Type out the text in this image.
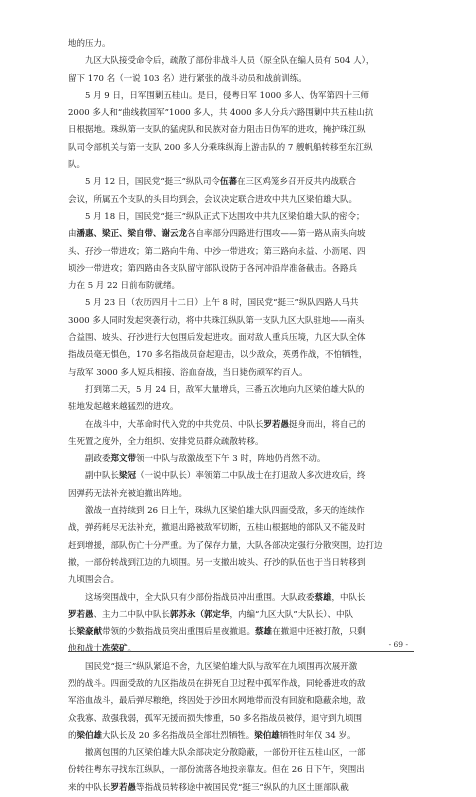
地的压力。
九区大队接受命令后，疏散了部份非战斗人员（原全队在编人员有 504 人），
留下 170 名（一说 103 名）进行紧张的战斗动员和战前训练。
5 月 9 日，日军围剿五桂山。是日，侵粤日军 1000 多人、伪军第四十三师
2000 多人和“曲线救国军”1000 多人，共 4000 多人分兵六路围剿中共五桂山抗
日根据地。珠纵第一支队的猛虎队和民族对奋力阻击日伪军的进攻，掩护珠江纵
队司令部机关与第一支队 200 多人分乘珠纵海上游击队的 7 艘帆船转移至东江纵
队。
5 月 12 日，国民党“挺三”纵队司令伍蕃在三区鸡笼乡召开反共内战联合
会议，所属五个支队的头目均到会，会议决定联合进攻中共九区梁伯雄大队。
5 月 18 日，国民党“挺三”纵队正式下达围攻中共九区梁伯雄大队的密令；
由潘惠、梁正、梁自带、谢云龙各自率部分四路进行围攻——第一路从南头向坡
头、孖沙一带进攻；第二路向牛角、中沙一带进攻；第三路向永益、小沥尾、四
顷沙一带进攻；第四路由各支队留守部队设防于各河冲沿岸准备截击。各路兵
力在 5 月 22 日前布防就绪。
5 月 23 日（农历四月十二日）上午 8 时，国民党“挺三”纵队四路人马共
3000 多人同时发起突袭行动，将中共珠江纵队第一支队九区大队驻地——南头
合益围、坡头、孖沙进行大包围后发起进攻。面对敌人重兵压境，九区大队全体
指战员毫无惧色，170 多名指战员奋起迎击，以少敌众，英勇作战，不怕牺牲，
与敌军 3000 多人短兵相接、浴血奋战，当日毙伤顽军约百人。
打到第二天，5 月 24 日，敌军大量增兵，三番五次地向九区梁伯雄大队的
驻地发起越来越猛烈的进攻。
在战斗中，大革命时代入党的中共党员、中队长罗若愚挺身而出，将自己的
生死置之度外，全力组织、安排党员群众疏散转移。
副政委郑文带领一中队与敌激战至下午 3 时，阵地仍肖然不动。
副中队长梁冠（一说中队长）率领第二中队战士在打退敌人多次进攻后，终
因弹药无法补充被迫撤出阵地。
激战一直持续到 26 日上午，珠纵九区梁伯雄大队四面受敌，多天的连续作
战，弹药耗尽无法补充，撤退出路被敌军切断，五桂山根据地的部队又不能及时
赶到增援，部队伤亡十分严重。为了保存力量，大队各部决定强行分散突围，边打边
撤，一部份转战到江边的九顷围。另一支撤出坡头、孖沙的队伍也于当日转移到
九顷围会合。
这场突围战中，全大队只有少部份指战员冲出重围。大队政委蔡雄，中队长
罗若愚、主力二中队中队长郭苏永（郭定华，内编“九区大队”大队长）、中队
长梁豪献带领的少数指战员突出重围后星夜撤退。蔡雄在撤退中还被打散，只剩
他和战士冼荣矿。
国民党“挺三”纵队紧追不舍，九区梁伯雄大队与敌军在九顷围再次展开激
烈的战斗。四面受敌的九区指战员在拼死自卫过程中孤军作战，同轮番进攻的敌
军浴血战斗，最后弹尽粮绝，终因处于沙田水网地带而没有回旋和隐蔽余地，敌
众我寡、敌强我弱，孤军无援而损失惨重，50 多名指战员被俘，退守到九顷围
的梁伯雄大队长及 20 多名指战员全部壮烈牺牲。梁伯雄牺牲时年仅 34 岁。
撤离包围的九区梁伯雄大队余部决定分散隐蔽，一部份开往五桂山区，一部
份转往粤东寻找东江纵队，一部份流落各地投亲靠友。但在 26 日下午，突围出
来的中队长罗若愚等指战员转移途中被国民党“挺三”纵队的九区土匪部队截
- 69 -
